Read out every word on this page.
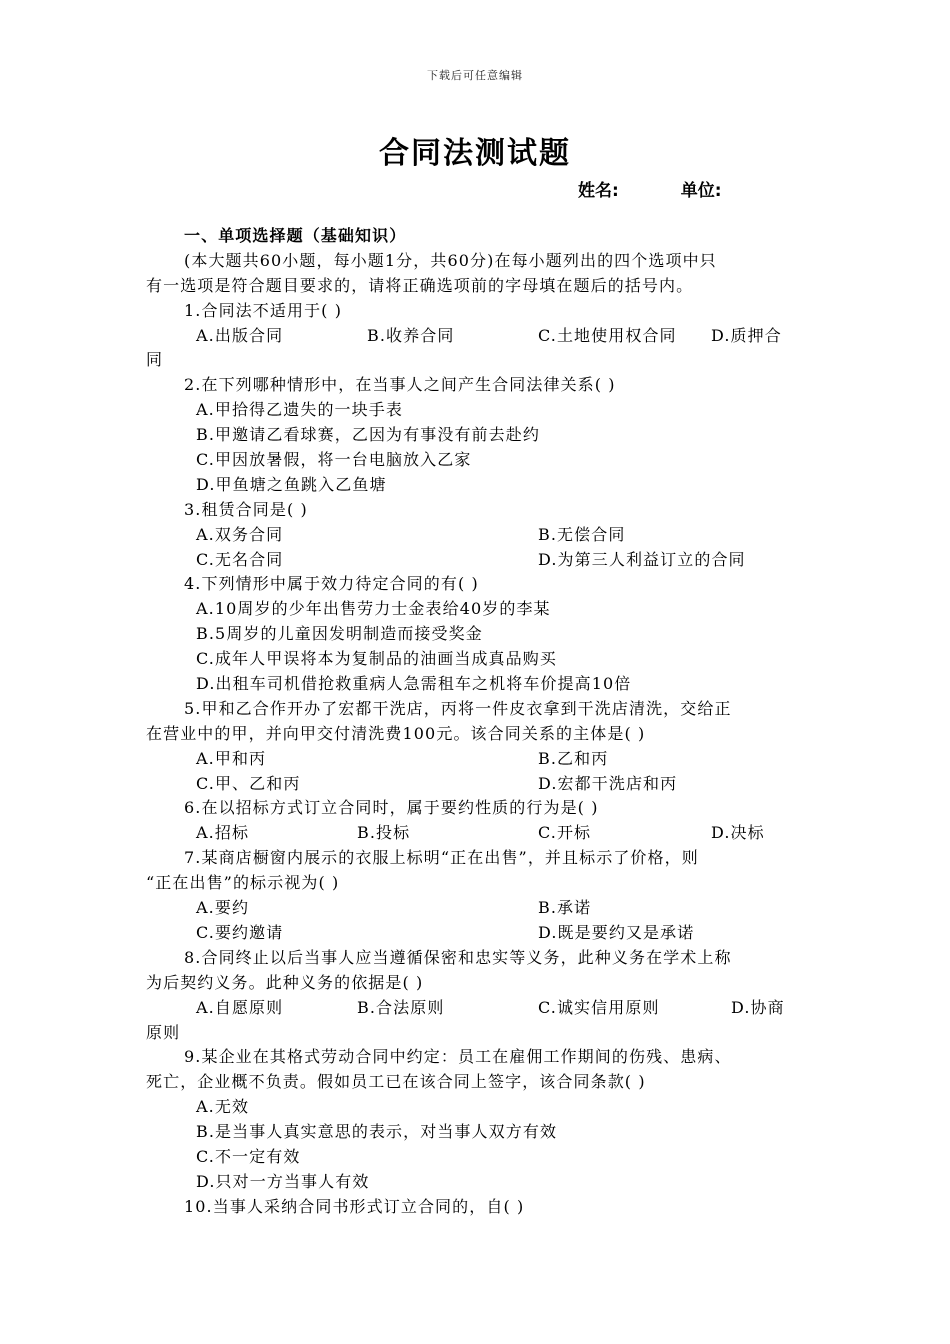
下载后可任意编辑
合同法测试题
姓名:	单位:
一、单项选择题（基础知识）
(本大题共60小题，每小题1分，共60分)在每小题列出的四个选项中只
有一选项是符合题目要求的，请将正确选项前的字母填在题后的括号内。
1.合同法不适用于( )
A.出版合同	B.收养合同	C.土地使用权合同 D.质押合
同
2.在下列哪种情形中，在当事人之间产生合同法律关系( )
A.甲拾得乙遗失的一块手表
B.甲邀请乙看球赛，乙因为有事没有前去赴约
C.甲因放暑假，将一台电脑放入乙家
D.甲鱼塘之鱼跳入乙鱼塘
3.租赁合同是( )
A.双务合同	B.无偿合同
C.无名合同	D.为第三人利益订立的合同
4.下列情形中属于效力待定合同的有( )
A.10周岁的少年出售劳力士金表给40岁的李某
B.5周岁的儿童因发明制造而接受奖金
C.成年人甲误将本为复制品的油画当成真品购买
D.出租车司机借抢救重病人急需租车之机将车价提高10倍
5.甲和乙合作开办了宏都干洗店，丙将一件皮衣拿到干洗店清洗，交给正
在营业中的甲，并向甲交付清洗费100元。该合同关系的主体是( )
A.甲和丙	B.乙和丙
C.甲、乙和丙	D.宏都干洗店和丙
6.在以招标方式订立合同时，属于要约性质的行为是( )
A.招标	B.投标	C.开标	D.决标
7.某商店橱窗内展示的衣服上标明“正在出售”，并且标示了价格，则
“正在出售”的标示视为( )
A.要约	B.承诺
C.要约邀请	D.既是要约又是承诺
8.合同终止以后当事人应当遵循保密和忠实等义务，此种义务在学术上称
为后契约义务。此种义务的依据是( )
A.自愿原则	B.合法原则	C.诚实信用原则	D.协商
原则
9.某企业在其格式劳动合同中约定：员工在雇佣工作期间的伤残、患病、
死亡，企业概不负责。假如员工已在该合同上签字，该合同条款( )
A.无效
B.是当事人真实意思的表示，对当事人双方有效
C.不一定有效
D.只对一方当事人有效
10.当事人采纳合同书形式订立合同的，自( )
